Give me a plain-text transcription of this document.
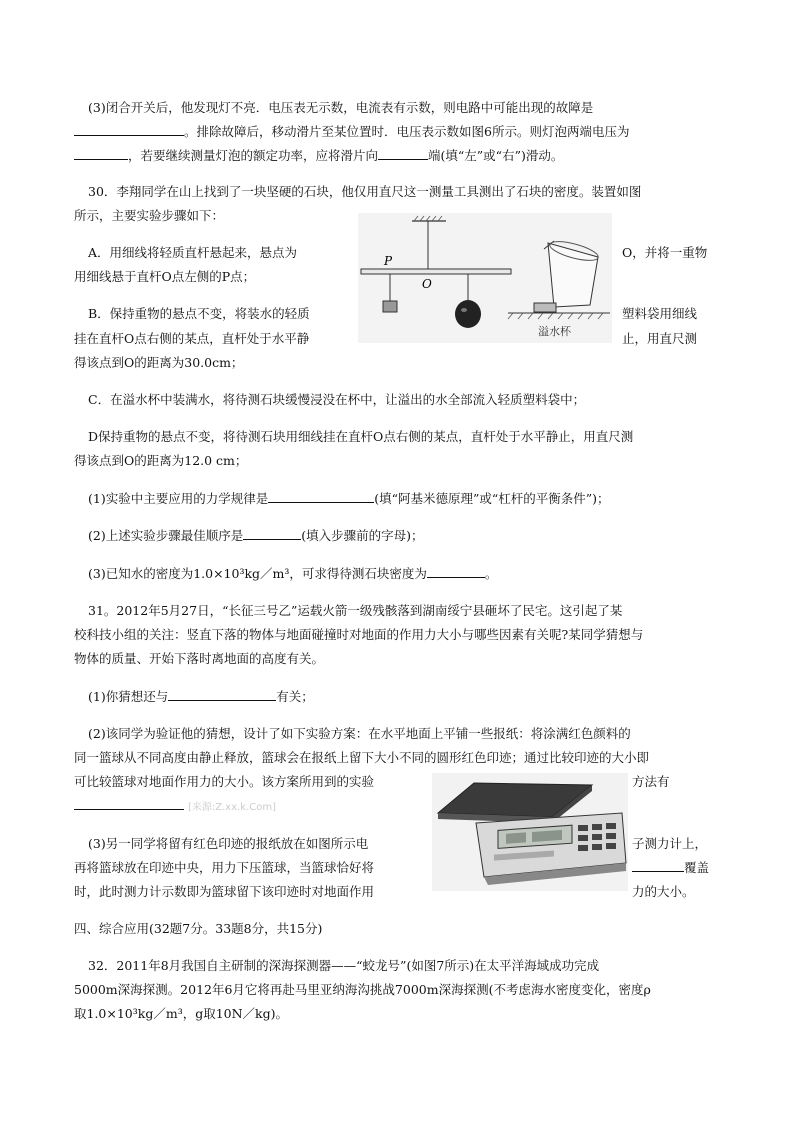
(3)闭合开关后，他发现灯不亮．电压表无示数，电流表有示数，则电路中可能出现的故障是
。排除故障后，移动滑片至某位置时．电压表示数如图6所示。则灯泡两端电压为
，若要继续测量灯泡的额定功率，应将滑片向	端(填“左”或“右”)滑动。
30．李翔同学在山上找到了一块坚硬的石块，他仅用直尺这一测量工具测出了石块的密度。装置如图
所示，主要实验步骤如下：
A．用细线将轻质直杆悬起来，悬点为	O，并将一重物
用细线悬于直杆O点左侧的P点；
B．保持重物的悬点不变，将装水的轻质	塑料袋用细线
挂在直杆O点右侧的某点，直杆处于水平静	止，用直尺测
得该点到O的距离为30.0cm；
P
O
溢水杯
C．在溢水杯中装满水，将待测石块缓慢浸没在杯中，让溢出的水全部流入轻质塑料袋中；
D保持重物的悬点不变，将待测石块用细线挂在直杆O点右侧的某点，直杆处于水平静止，用直尺测
得该点到O的距离为12.0 cm；
(1)实验中主要应用的力学规律是	(填“阿基米德原理”或“杠杆的平衡条件”)；
(2)上述实验步骤最佳顺序是	(填入步骤前的字母)；
(3)已知水的密度为1.0×10³kg／m³，可求得待测石块密度为	。
31。2012年5月27日，“长征三号乙”运载火箭一级残骸落到湖南绥宁县砸坏了民宅。这引起了某
校科技小组的关注：竖直下落的物体与地面碰撞时对地面的作用力大小与哪些因素有关呢?某同学猜想与
物体的质量、开始下落时离地面的高度有关。
(1)你猜想还与	有关；
(2)该同学为验证他的猜想，设计了如下实验方案：在水平地面上平铺一些报纸：将涂满红色颜料的
同一篮球从不同高度由静止释放，篮球会在报纸上留下大小不同的圆形红色印迹；通过比较印迹的大小即
可比较篮球对地面作用力的大小。该方案所用到的实验	方法有
[来源:Z.xx.k.Com]
(3)另一同学将留有红色印迹的报纸放在如图所示电	子测力计上，
再将篮球放在印迹中央，用力下压篮球，当篮球恰好将	覆盖
时，此时测力计示数即为篮球留下该印迹时对地面作用	力的大小。
四、综合应用(32题7分。33题8分，共15分)
32．2011年8月我国自主研制的深海探测器——“蛟龙号”(如图7所示)在太平洋海域成功完成
5000m深海探测。2012年6月它将再赴马里亚纳海沟挑战7000m深海探测(不考虑海水密度变化，密度ρ
取1.0×10³kg／m³，g取10N／kg)。
